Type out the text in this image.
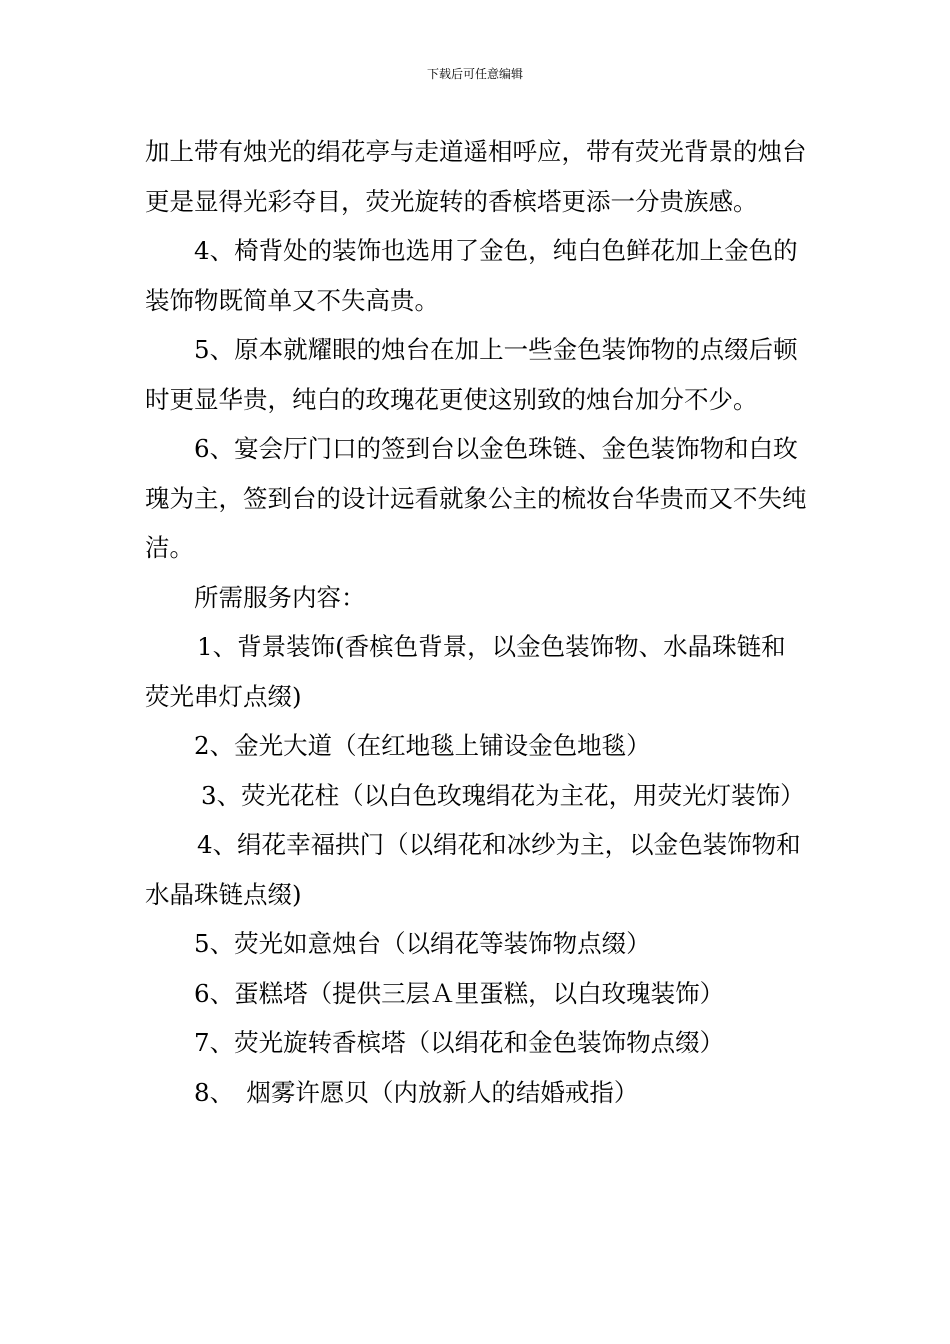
下载后可任意编辑

加上带有烛光的绢花亭与走道遥相呼应，带有荧光背景的烛台更是显得光彩夺目，荧光旋转的香槟塔更添一分贵族感。

4、椅背处的装饰也选用了金色，纯白色鲜花加上金色的装饰物既简单又不失高贵。

5、原本就耀眼的烛台在加上一些金色装饰物的点缀后顿时更显华贵，纯白的玫瑰花更使这别致的烛台加分不少。

6、宴会厅门口的签到台以金色珠链、金色装饰物和白玫瑰为主，签到台的设计远看就象公主的梳妆台华贵而又不失纯洁。

所需服务内容：

1、背景装饰(香槟色背景，以金色装饰物、水晶珠链和荧光串灯点缀)

2、金光大道（在红地毯上铺设金色地毯）

3、荧光花柱（以白色玫瑰绢花为主花，用荧光灯装饰）

4、绢花幸福拱门（以绢花和冰纱为主，以金色装饰物和水晶珠链点缀)

5、荧光如意烛台（以绢花等装饰物点缀）

6、蛋糕塔（提供三层Ａ里蛋糕，以白玫瑰装饰）

7、荧光旋转香槟塔（以绢花和金色装饰物点缀）

8、　烟雾许愿贝（内放新人的结婚戒指）
